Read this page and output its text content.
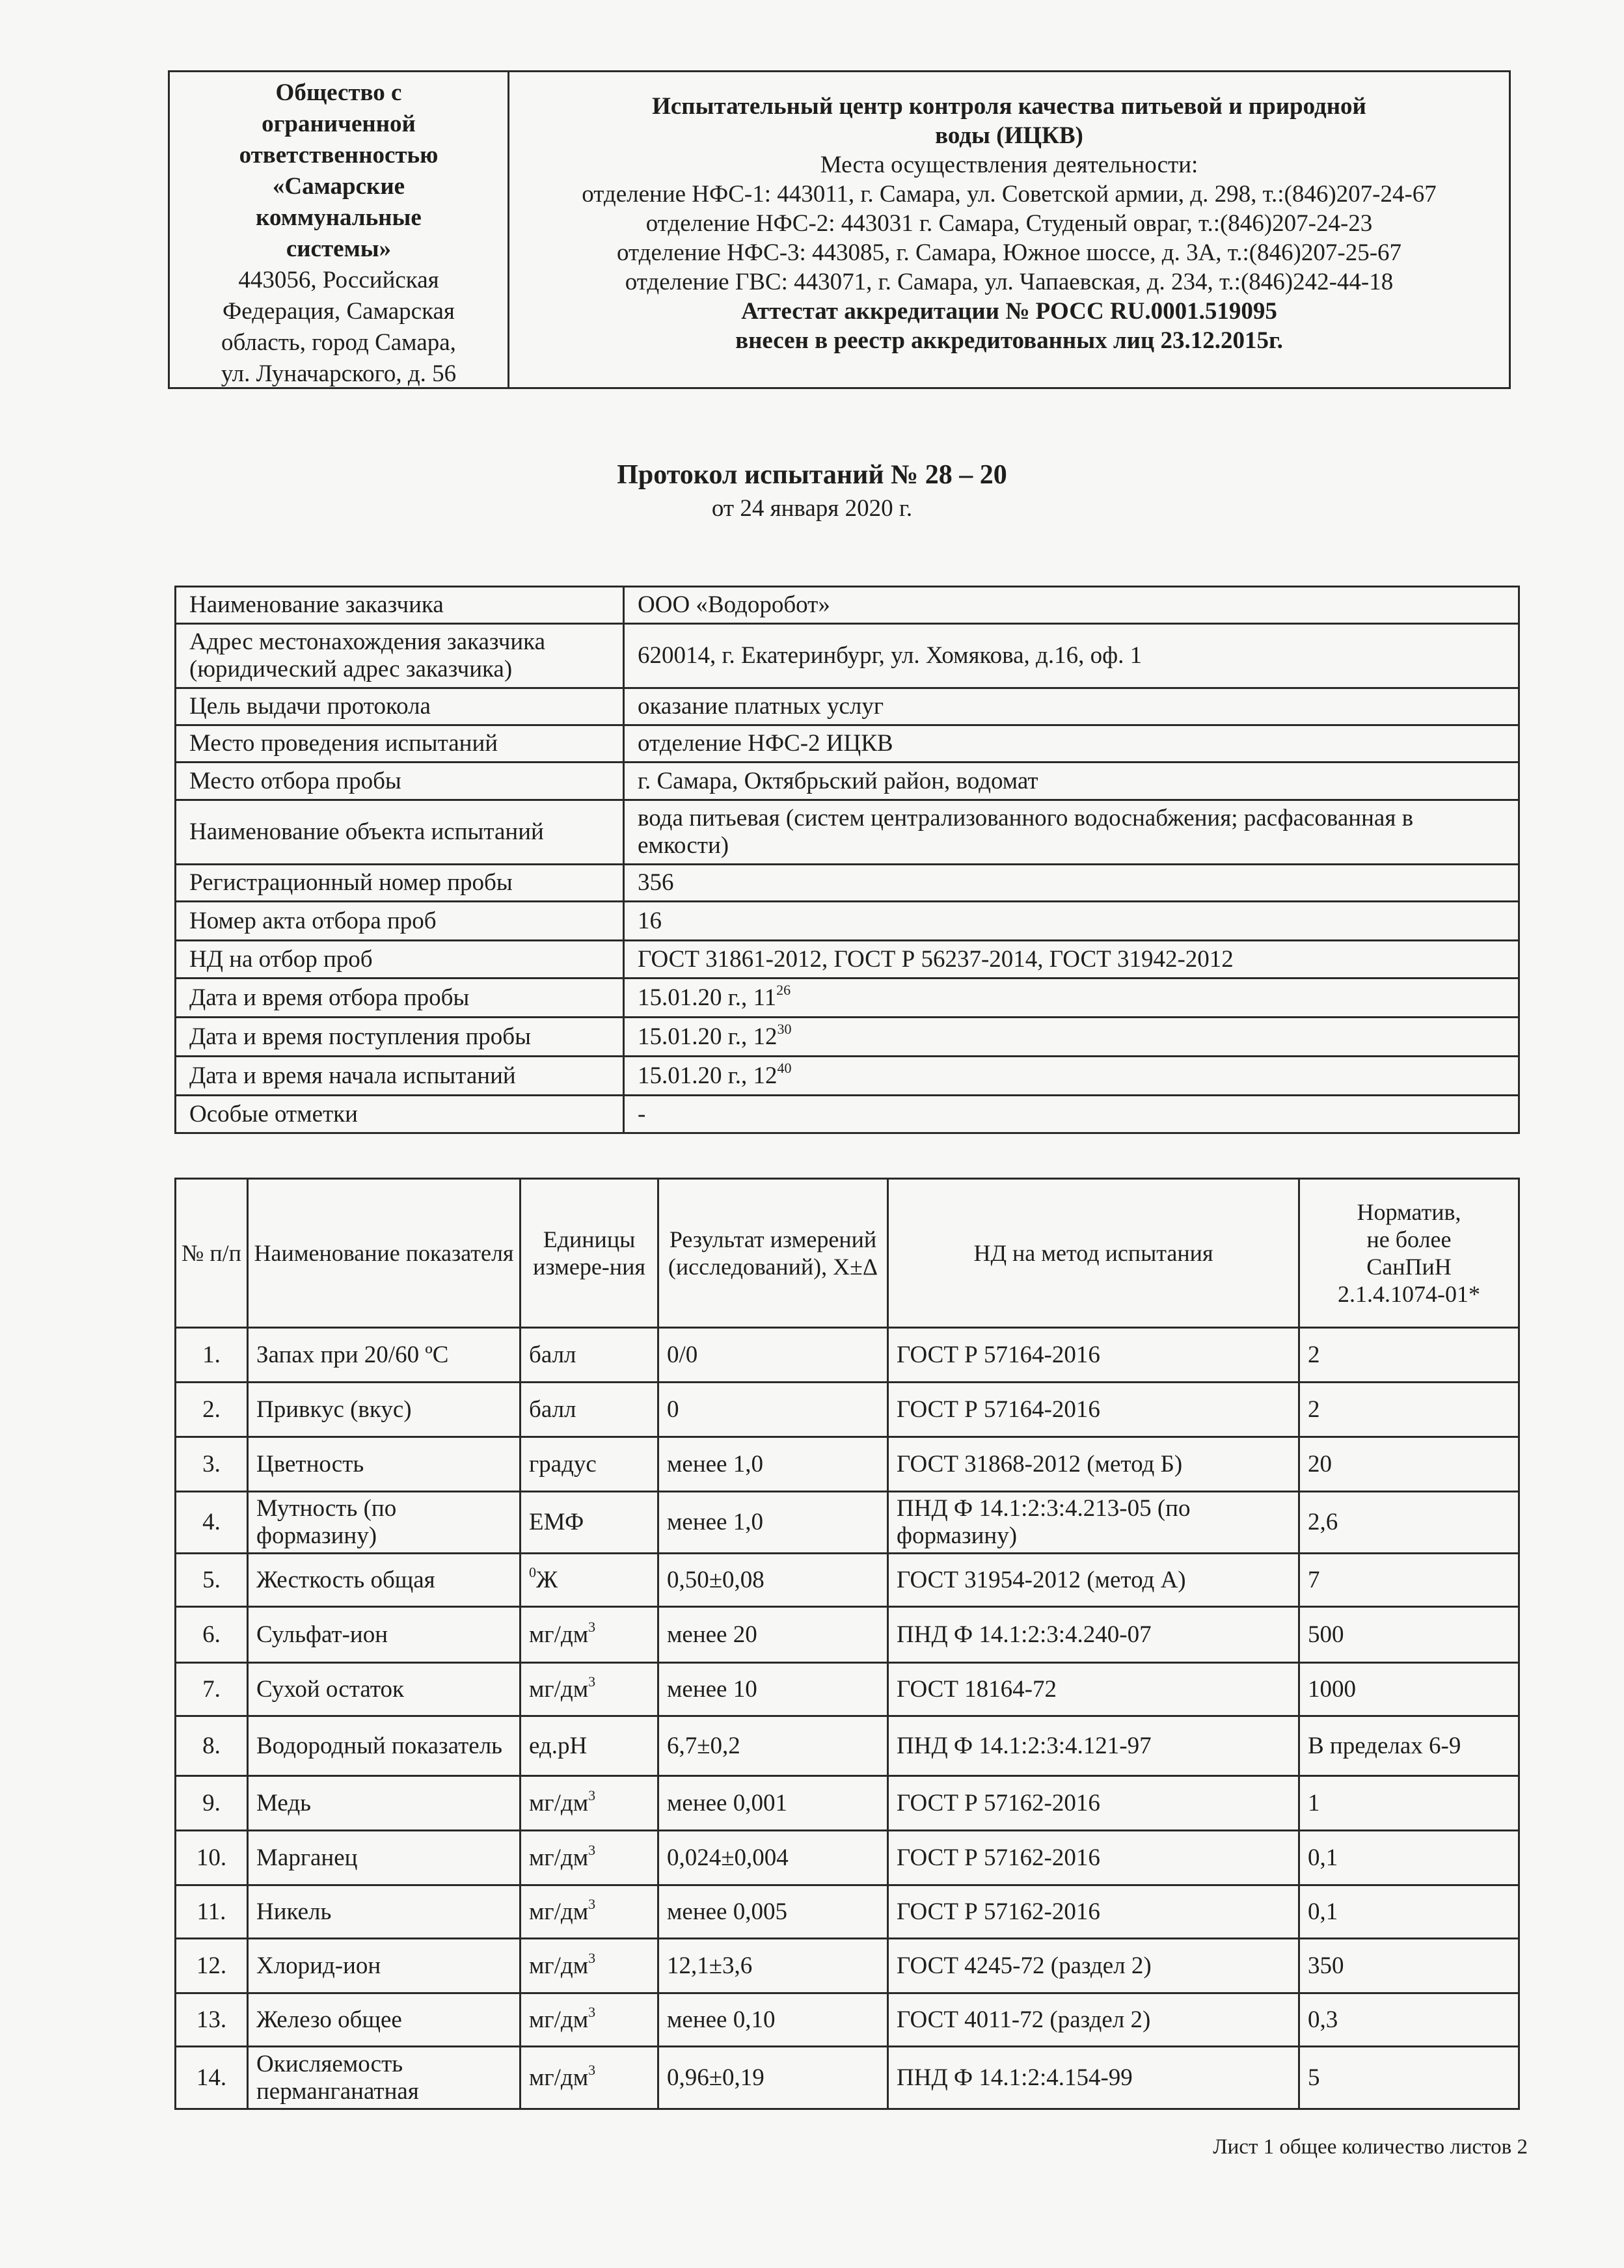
Общество с
ограниченной
ответственностью
«Самарские
коммунальные
системы»
443056, Российская
Федерация, Самарская
область, город Самара,
ул. Луначарского, д. 56
Испытательный центр контроля качества питьевой и природной
воды (ИЦКВ)
Места осуществления деятельности:
отделение НФС-1: 443011, г. Самара, ул. Советской армии, д. 298, т.:(846)207-24-67
отделение НФС-2: 443031 г. Самара, Студеный овраг, т.:(846)207-24-23
отделение НФС-3: 443085, г. Самара, Южное шоссе, д. 3А, т.:(846)207-25-67
отделение ГВС: 443071, г. Самара, ул. Чапаевская, д. 234, т.:(846)242-44-18
Аттестат аккредитации № РОСС RU.0001.519095
внесен в реестр аккредитованных лиц 23.12.2015г.
Протокол испытаний № 28 – 20
от 24 января 2020 г.
Наименование заказчика	ООО «Водоробот»
Адрес местонахождения заказчика (юридический адрес заказчика)	620014, г. Екатеринбург, ул. Хомякова, д.16, оф. 1
Цель выдачи протокола	оказание платных услуг
Место проведения испытаний	отделение НФС-2 ИЦКВ
Место отбора пробы	г. Самара, Октябрьский район, водомат
Наименование объекта испытаний	вода питьевая (систем централизованного водоснабжения; расфасованная в емкости)
Регистрационный номер пробы	356
Номер акта отбора проб	16
НД на отбор проб	ГОСТ 31861-2012, ГОСТ Р 56237-2014, ГОСТ 31942-2012
Дата и время отбора пробы	15.01.20 г., $11^{26}$
Дата и время поступления пробы	15.01.20 г., $12^{30}$
Дата и время начала испытаний	15.01.20 г., $12^{40}$
Особые отметки	-
№ п/п	Наименование показателя	Единицы измере-ния	Результат измерений (исследований), Х±Δ	НД на метод испытания	Норматив,
не более
СанПиН
2.1.4.1074-01*

1.	Запах при 20/60 ºС	балл	0/0	ГОСТ Р 57164-2016	2
2.	Привкус (вкус)	балл	0	ГОСТ Р 57164-2016	2
3.	Цветность	градус	менее 1,0	ГОСТ 31868-2012 (метод Б)	20
4.	Мутность (по формазину)	ЕМФ	менее 1,0	ПНД Ф 14.1:2:3:4.213-05 (по формазину)	2,6
5.	Жесткость общая	$^0$Ж	0,50±0,08	ГОСТ 31954-2012 (метод А)	7
6.	Сульфат-ион	$мг/дм^3$	менее 20	ПНД Ф 14.1:2:3:4.240-07	500
7.	Сухой остаток	$мг/дм^3$	менее 10	ГОСТ 18164-72	1000
8.	Водородный показатель	ед.рН	6,7±0,2	ПНД Ф 14.1:2:3:4.121-97	В пределах 6-9
9.	Медь	$мг/дм^3$	менее 0,001	ГОСТ Р 57162-2016	1
10.	Марганец	$мг/дм^3$	0,024±0,004	ГОСТ Р 57162-2016	0,1
11.	Никель	$мг/дм^3$	менее 0,005	ГОСТ Р 57162-2016	0,1
12.	Хлорид-ион	$мг/дм^3$	12,1±3,6	ГОСТ 4245-72 (раздел 2)	350
13.	Железо общее	$мг/дм^3$	менее 0,10	ГОСТ 4011-72 (раздел 2)	0,3
14.	Окисляемость перманганатная	$мг/дм^3$	0,96±0,19	ПНД Ф 14.1:2:4.154-99	5
Лист 1 общее количество листов 2
